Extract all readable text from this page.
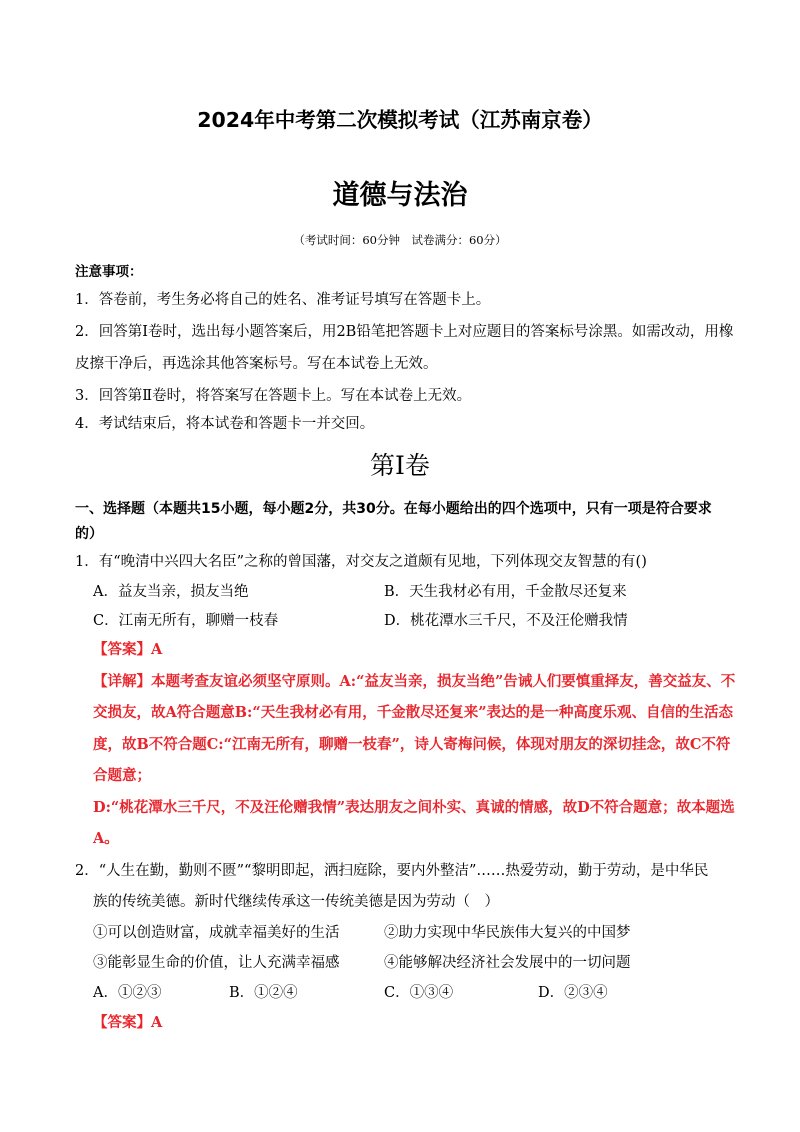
2024年中考第二次模拟考试（江苏南京卷）
道德与法治
（考试时间：60分钟　试卷满分：60分）
注意事项：
1．答卷前，考生务必将自己的姓名、准考证号填写在答题卡上。
2．回答第Ⅰ卷时，选出每小题答案后，用2B铅笔把答题卡上对应题目的答案标号涂黑。如需改动，用橡
皮擦干净后，再选涂其他答案标号。写在本试卷上无效。
3．回答第Ⅱ卷时，将答案写在答题卡上。写在本试卷上无效。
4．考试结束后，将本试卷和答题卡一并交回。
第Ⅰ卷
一、选择题（本题共15小题，每小题2分，共30分。在每小题给出的四个选项中，只有一项是符合要求
的）
1．有“晚清中兴四大名臣”之称的曾国藩，对交友之道颇有见地，下列体现交友智慧的有()
A．益友当亲，损友当绝	B．天生我材必有用，千金散尽还复来
C．江南无所有，聊赠一枝春	D．桃花潭水三千尺，不及汪伦赠我情
【答案】A
【详解】本题考查友谊必须坚守原则。A:“益友当亲，损友当绝”告诫人们要慎重择友，善交益友、不
交损友，故A符合题意B:“天生我材必有用，千金散尽还复来”表达的是一种高度乐观、自信的生活态
度，故B不符合题C:“江南无所有，聊赠一枝春”，诗人寄梅问候，体现对朋友的深切挂念，故C不符
合题意；
D:“桃花潭水三千尺，不及汪伦赠我情”表达朋友之间朴实、真诚的情感，故D不符合题意；故本题选
A。
2．“人生在勤，勤则不匮”“黎明即起，洒扫庭除，要内外整洁”……热爱劳动，勤于劳动，是中华民
族的传统美德。新时代继续传承这一传统美德是因为劳动（　）
①可以创造财富，成就幸福美好的生活	②助力实现中华民族伟大复兴的中国梦
③能彰显生命的价值，让人充满幸福感	④能够解决经济社会发展中的一切问题
A．①②③	B．①②④	C．①③④	D．②③④
【答案】A
